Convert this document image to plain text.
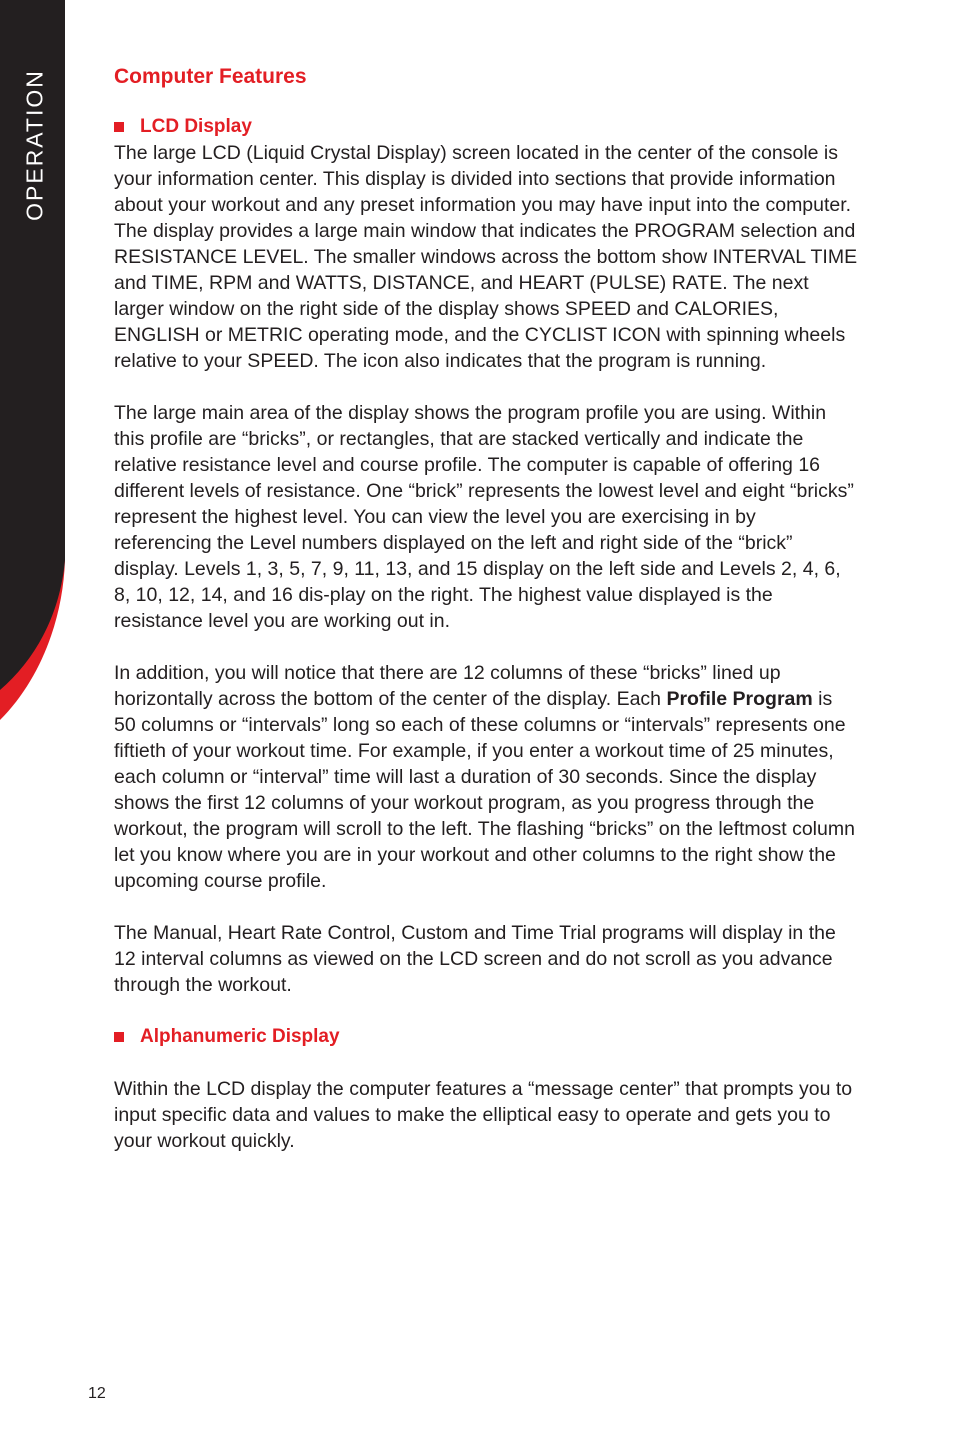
OPERATION	Computer Features
LCD Display

The large LCD (Liquid Crystal Display) screen located in the center of the console is your information center. This display is divided into sections that provide information about your workout and any preset information you may have input into the computer. The display provides a large main window that indicates the PROGRAM selection and RESISTANCE LEVEL. The smaller windows across the bottom show INTERVAL TIME and TIME, RPM and WATTS, DISTANCE, and HEART (PULSE) RATE. The next larger window on the right side of the display shows SPEED and CALORIES, ENGLISH or METRIC operating mode, and the CYCLIST ICON with spinning wheels relative to your SPEED. The icon also indicates that the program is running.

The large main area of the display shows the program profile you are using. Within this profile are “bricks”, or rectangles, that are stacked vertically and indicate the relative resistance level and course profile. The computer is capable of offering 16 different levels of resistance. One “brick” represents the lowest level and eight “bricks” represent the highest level. You can view the level you are exercising in by referencing the Level numbers displayed on the left and right side of the “brick” display. Levels 1, 3, 5, 7, 9, 11, 13, and 15 display on the left side and Levels 2, 4, 6, 8, 10, 12, 14, and 16 dis-play on the right. The highest value displayed is the resistance level you are working out in.

In addition, you will notice that there are 12 columns of these “bricks” lined up horizontally across the bottom of the center of the display. Each Profile Program is 50 columns or “intervals” long so each of these columns or “intervals” represents one fiftieth of your workout time. For example, if you enter a workout time of 25 minutes, each column or “interval” time will last a duration of 30 seconds. Since the display shows the first 12 columns of your workout program, as you progress through the workout, the program will scroll to the left. The flashing “bricks” on the leftmost column let you know where you are in your workout and other columns to the right show the upcoming course profile.

The Manual, Heart Rate Control, Custom and Time Trial programs will display in the 12 interval columns as viewed on the LCD screen and do not scroll as you advance through the workout.

Alphanumeric Display

Within the LCD display the computer features a “message center” that prompts you to input specific data and values to make the elliptical easy to operate and gets you to your workout quickly.

12
